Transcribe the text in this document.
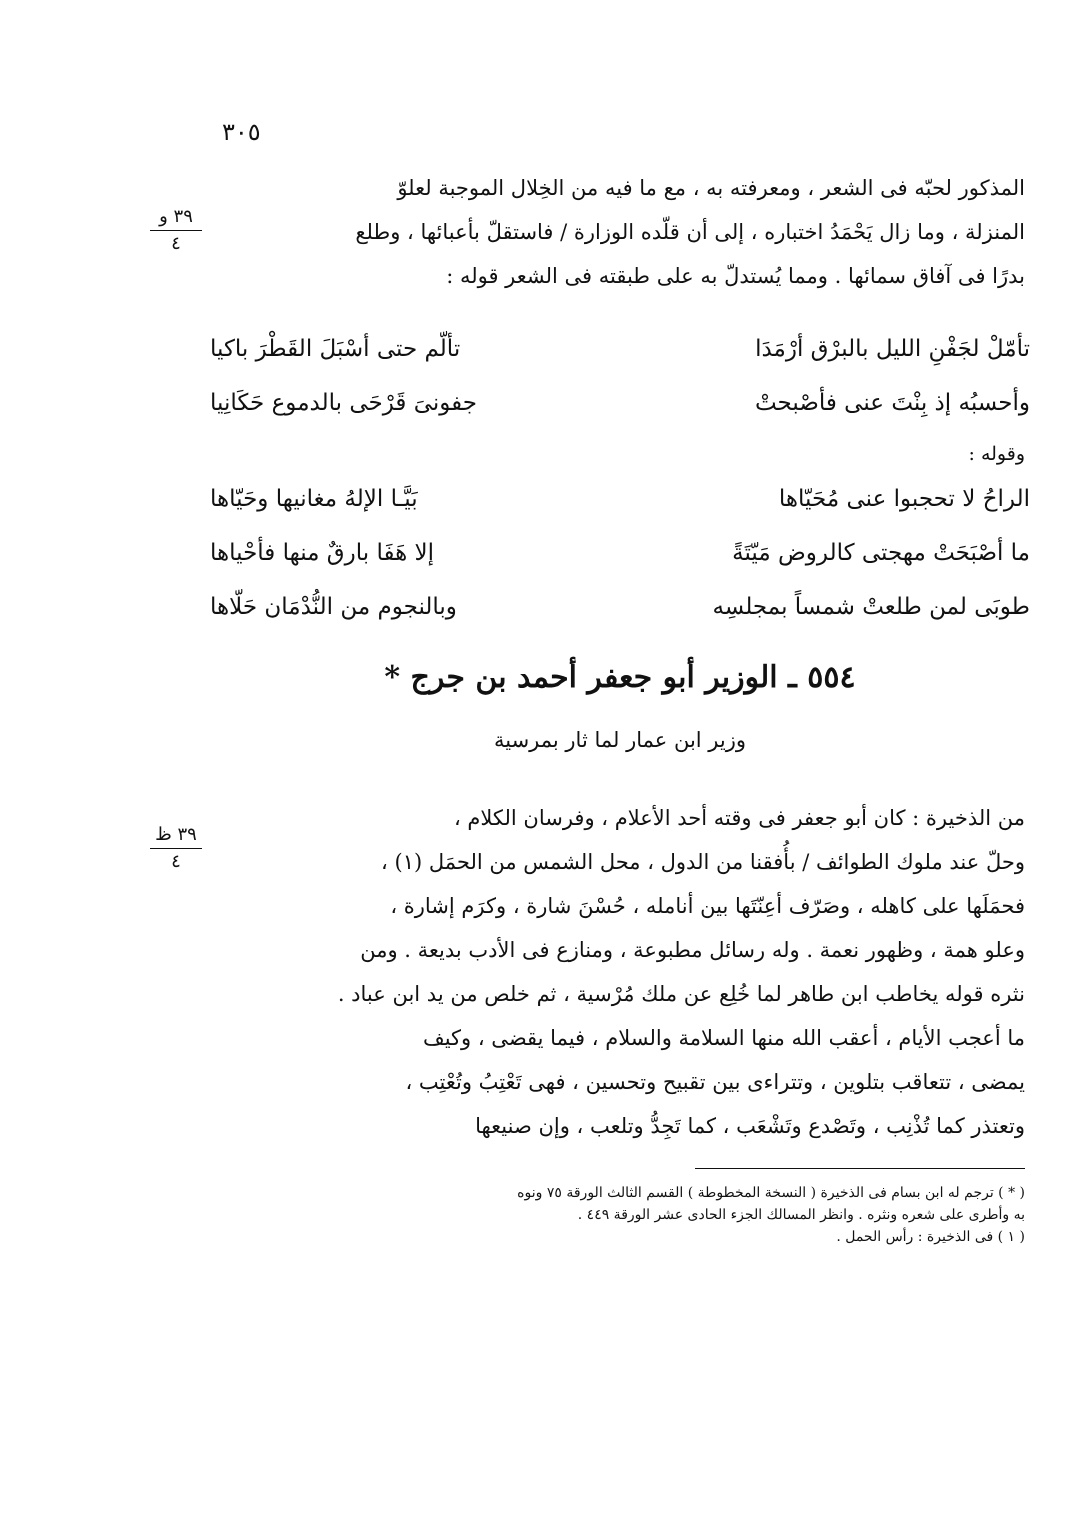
٣٠٥
المذكور لحبّه فى الشعر ، ومعرفته به ، مع ما فيه من الخِلال الموجبة لعلوّ
المنزلة ، وما زال يَحْمَدُ اختباره ، إلى أن قلّده الوزارة / فاستقلّ بأعبائها ، وطلع
بدرًا فى آفاق سمائها . ومما يُستدلّ به على طبقته فى الشعر قوله :
٣٩ و
٤
تأمّلْ لجَفْنِ الليل بالبرْق أرْمَدَا
تألّم حتى أسْبَلَ القَطْرَ باكيا
وأحسبُه إذ بِنْتَ عنى فأصْبحتْ
جفونىَ قَرْحَى بالدموع حَكَانِيا
وقوله :
الراحُ لا تحجبوا عنى مُحَيّاها
بَيَّـا الإلهُ مغانيها وحَيّاها
ما أصْبَحَتْ مهجتى كالروض مَيّتَةً
إلا هَفَا بارقٌ منها فأحْياها
طوبَى لمن طلعتْ شمساً بمجلسِه
وبالنجوم من النُّدْمَان حَلّاها
٥٥٤ ـ الوزير أبو جعفر أحمد بن جرج *
وزير ابن عمار لما ثار بمرسية
٣٩ ظ
٤
من الذخيرة : كان أبو جعفر فى وقته أحد الأعلام ، وفرسان الكلام ،
وحلّ عند ملوك الطوائف / بأُفقنا من الدول ، محل الشمس من الحمَل (١) ،
فحمَلَها على كاهله ، وصَرّف أعِنّتَها بين أنامله ، حُسْنَ شارة ، وكرَم إشارة ،
وعلو همة ، وظهور نعمة . وله رسائل مطبوعة ، ومنازع فى الأدب بديعة . ومن
نثره قوله يخاطب ابن طاهر لما خُلِع عن ملك مُرْسية ، ثم خلص من يد ابن عباد .
ما أعجب الأيام ، أعقب الله منها السلامة والسلام ، فيما يقضى ، وكيف
يمضى ، تتعاقب بتلوين ، وتتراءى بين تقبيح وتحسين ، فهى تَعْتِبُ وتُعْتِب ،
وتعتذر كما تُذْنِب ، وتَصْدع وتَشْعَب ، كما تَجِدُّ وتلعب ، وإن صنيعها
( * ) ترجم له ابن بسام فى الذخيرة ( النسخة المخطوطة ) القسم الثالث الورقة ٧٥ ونوه
به وأطرى على شعره ونثره . وانظر المسالك الجزء الحادى عشر الورقة ٤٤٩ .
( ١ ) فى الذخيرة : رأس الحمل .
